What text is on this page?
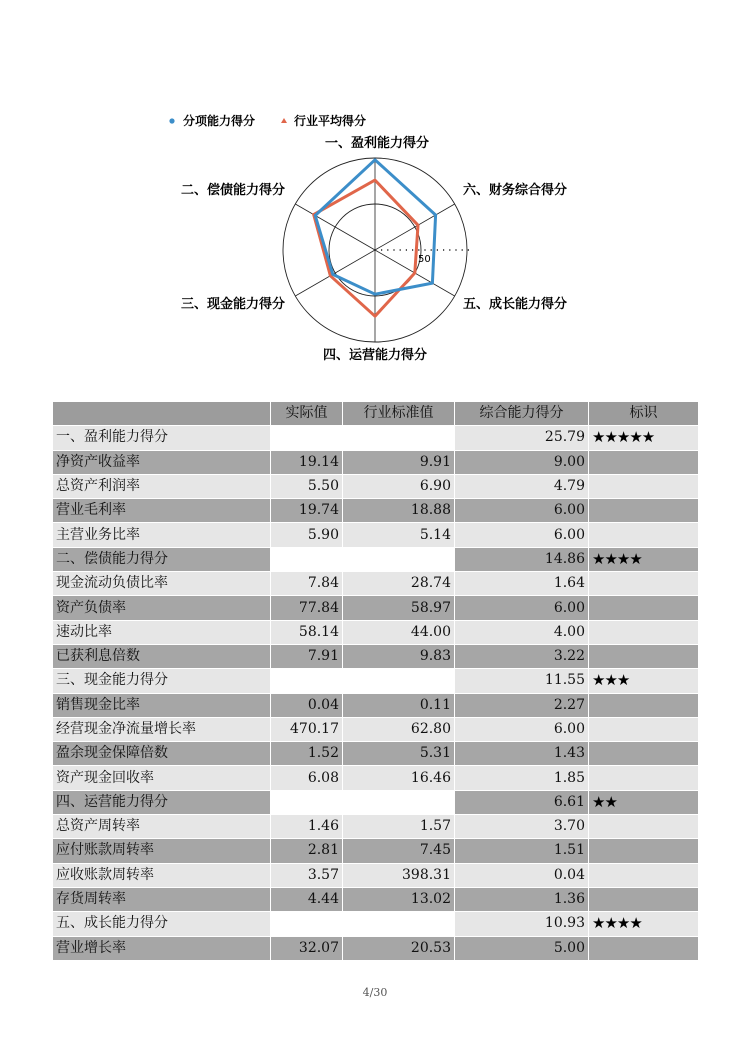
分项能力得分	行业平均得分
一、盈利能力得分
六、财务综合得分
五、成长能力得分
四、运营能力得分
三、现金能力得分
二、偿债能力得分
50
	实际值	行业标准值	综合能力得分	标识
一、盈利能力得分			25.79	★★★★★
净资产收益率	19.14	9.91	9.00	
总资产利润率	5.50	6.90	4.79	
营业毛利率	19.74	18.88	6.00	
主营业务比率	5.90	5.14	6.00	
二、偿债能力得分			14.86	★★★★
现金流动负债比率	7.84	28.74	1.64	
资产负债率	77.84	58.97	6.00	
速动比率	58.14	44.00	4.00	
已获利息倍数	7.91	9.83	3.22	
三、现金能力得分			11.55	★★★
销售现金比率	0.04	0.11	2.27	
经营现金净流量增长率	470.17	62.80	6.00	
盈余现金保障倍数	1.52	5.31	1.43	
资产现金回收率	6.08	16.46	1.85	
四、运营能力得分			6.61	★★
总资产周转率	1.46	1.57	3.70	
应付账款周转率	2.81	7.45	1.51	
应收账款周转率	3.57	398.31	0.04	
存货周转率	4.44	13.02	1.36	
五、成长能力得分			10.93	★★★★
营业增长率	32.07	20.53	5.00	
4/30
